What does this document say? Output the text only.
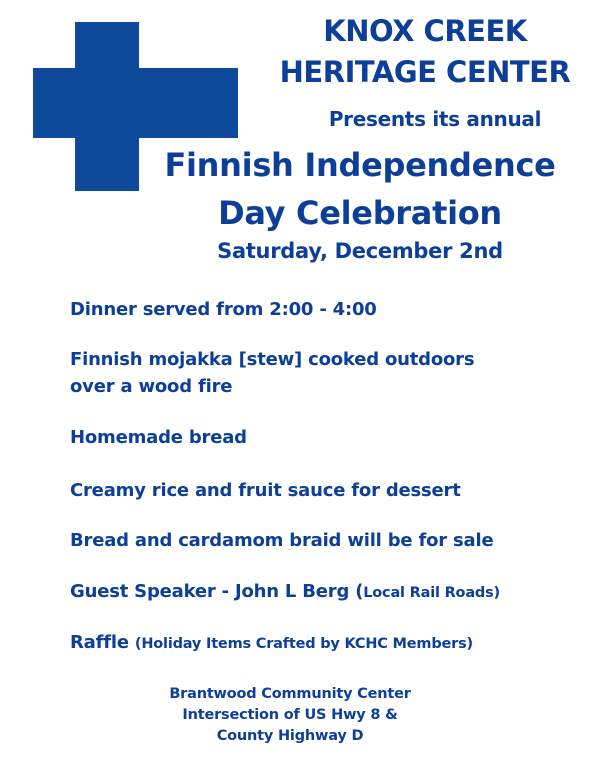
KNOX CREEK
HERITAGE CENTER
Presents its annual
Finnish Independence
Day Celebration
Saturday, December 2nd
Dinner served from 2:00 - 4:00
Finnish mojakka [stew] cooked outdoors
over a wood fire
Homemade bread
Creamy rice and fruit sauce for dessert
Bread and cardamom braid will be for sale
Guest Speaker - John L Berg (Local Rail Roads)
Raffle (Holiday Items Crafted by KCHC Members)
Brantwood Community Center
Intersection of US Hwy 8 &
County Highway D
